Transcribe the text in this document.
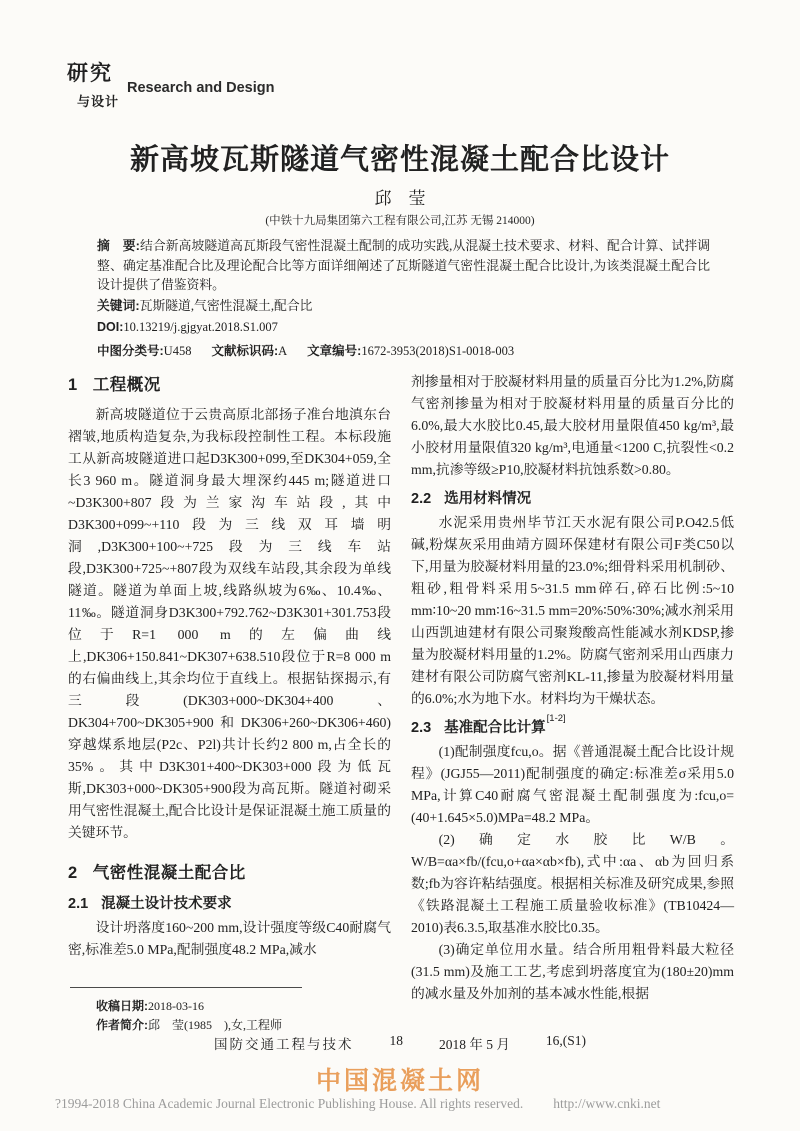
研究
Research and Design
与设计
新高坡瓦斯隧道气密性混凝土配合比设计
邱　莹
(中铁十九局集团第六工程有限公司,江苏 无锡 214000)

摘　要:结合新高坡隧道高瓦斯段气密性混凝土配制的成功实践,从混凝土技术要求、材料、配合计算、试拌调整、确定基准配合比及理论配合比等方面详细阐述了瓦斯隧道气密性混凝土配合比设计,为该类混凝土配合比设计提供了借鉴资料。

关键词:瓦斯隧道,气密性混凝土,配合比

DOI:10.13219/j.gjgyat.2018.S1.007
中图分类号:U458 文献标识码:A 文章编号:1672-3953(2018)S1-0018-003
1 工程概况

新高坡隧道位于云贵高原北部扬子准台地滇东台褶皱,地质构造复杂,为我标段控制性工程。本标段施工从新高坡隧道进口起D3K300+099,至DK304+059,全长3 960 m。隧道洞身最大埋深约445 m;隧道进口~D3K300+807段为兰家沟车站段,其中D3K300+099~+110段为三线双耳墙明洞,D3K300+100~+725段为三线车站段,D3K300+725~+807段为双线车站段,其余段为单线隧道。隧道为单面上坡,线路纵坡为6‰、10.4‰、11‰。隧道洞身D3K300+792.762~D3K301+301.753段位于R=1 000 m的左偏曲线上,DK306+150.841~DK307+638.510段位于R=8 000 m的右偏曲线上,其余均位于直线上。根据钻探揭示,有三段(DK303+000~DK304+400、DK304+700~DK305+900和DK306+260~DK306+460)穿越煤系地层(P2c、P2l)共计长约2 800 m,占全长的35%。其中D3K301+400~DK303+000段为低瓦斯,DK303+000~DK305+900段为高瓦斯。隧道衬砌采用气密性混凝土,配合比设计是保证混凝土施工质量的关键环节。

2 气密性混凝土配合比
2.1 混凝土设计技术要求

设计坍落度160~200 mm,设计强度等级C40耐腐气密,标准差5.0 MPa,配制强度48.2 MPa,减水

收稿日期:2018-03-16

作者简介:邱　莹(1985　),女,工程师

剂掺量相对于胶凝材料用量的质量百分比为1.2%,防腐气密剂掺量为相对于胶凝材料用量的质量百分比的6.0%,最大水胶比0.45,最大胶材用量限值450 kg/m³,最小胶材用量限值320 kg/m³,电通量<1200 C,抗裂性<0.2 mm,抗渗等级≥P10,胶凝材料抗蚀系数>0.80。

2.2 选用材料情况

水泥采用贵州毕节江天水泥有限公司P.O42.5低碱,粉煤灰采用曲靖方圆环保建材有限公司F类C50以下,用量为胶凝材料用量的23.0%;细骨料采用机制砂、粗砂,粗骨料采用5~31.5 mm碎石,碎石比例:5~10 mm∶10~20 mm∶16~31.5 mm=20%∶50%∶30%;减水剂采用山西凯迪建材有限公司聚羧酸高性能减水剂KDSP,掺量为胶凝材料用量的1.2%。防腐气密剂采用山西康力建材有限公司防腐气密剂KL-11,掺量为胶凝材料用量的6.0%;水为地下水。材料均为干燥状态。

2.3 基准配合比计算[1-2]

(1)配制强度fcu,o。据《普通混凝土配合比设计规程》(JGJ55—2011)配制强度的确定:标准差σ采用5.0 MPa,计算C40耐腐气密混凝土配制强度为:fcu,o=(40+1.645×5.0)MPa=48.2 MPa。

(2)确定水胶比W/B。W/B=αa×fb/(fcu,o+αa×αb×fb),式中:αa、αb为回归系数;fb为容许粘结强度。根据相关标准及研究成果,参照《铁路混凝土工程施工质量验收标准》(TB10424—2010)表6.3.5,取基准水胶比0.35。

(3)确定单位用水量。结合所用粗骨料最大粒径(31.5 mm)及施工工艺,考虑到坍落度宜为(180±20)mm的减水量及外加剂的基本减水性能,根据

国防交通工程与技术	18	2018 年 5 月	16,(S1)
中国混凝土网
?1994-2018 China Academic Journal Electronic Publishing House. All rights reserved. http://www.cnki.net
